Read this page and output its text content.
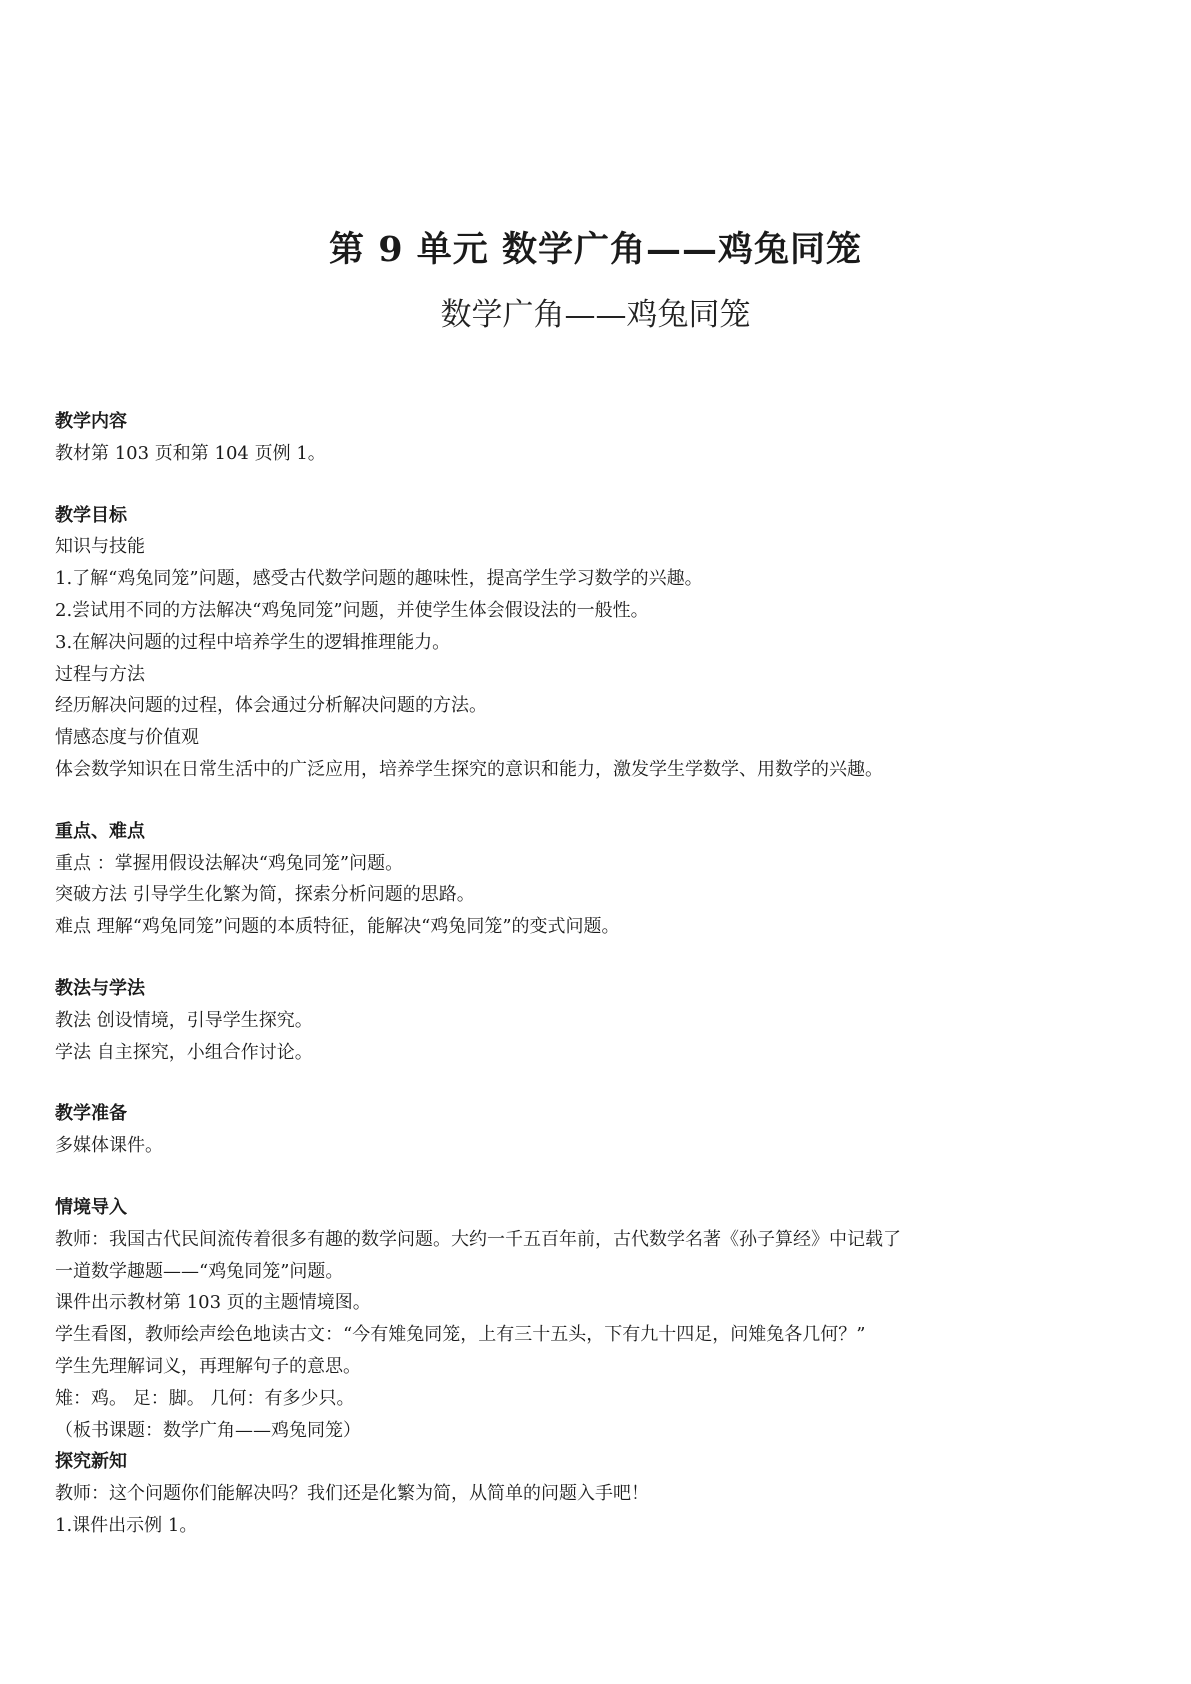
第 9 单元 数学广角——鸡兔同笼
数学广角——鸡兔同笼

教学内容

教材第 103 页和第 104 页例 1。

教学目标

知识与技能

1.了解“鸡兔同笼”问题，感受古代数学问题的趣味性，提高学生学习数学的兴趣。

2.尝试用不同的方法解决“鸡兔同笼”问题，并使学生体会假设法的一般性。

3.在解决问题的过程中培养学生的逻辑推理能力。

过程与方法

经历解决问题的过程，体会通过分析解决问题的方法。

情感态度与价值观

体会数学知识在日常生活中的广泛应用，培养学生探究的意识和能力，激发学生学数学、用数学的兴趣。

重点、难点

重点 ：掌握用假设法解决“鸡兔同笼”问题。

突破方法 引导学生化繁为简，探索分析问题的思路。

难点 理解“鸡兔同笼”问题的本质特征，能解决“鸡兔同笼”的变式问题。

教法与学法

教法 创设情境，引导学生探究。

学法 自主探究，小组合作讨论。

教学准备

多媒体课件。

情境导入

教师：我国古代民间流传着很多有趣的数学问题。大约一千五百年前，古代数学名著《孙子算经》中记载了

一道数学趣题——“鸡兔同笼”问题。

课件出示教材第 103 页的主题情境图。

学生看图，教师绘声绘色地读古文：“今有雉兔同笼，上有三十五头，下有九十四足，问雉兔各几何？”

学生先理解词义，再理解句子的意思。

雉：鸡。 足：脚。 几何：有多少只。

（板书课题：数学广角——鸡兔同笼）

探究新知

教师：这个问题你们能解决吗？我们还是化繁为简，从简单的问题入手吧！

1.课件出示例 1。
